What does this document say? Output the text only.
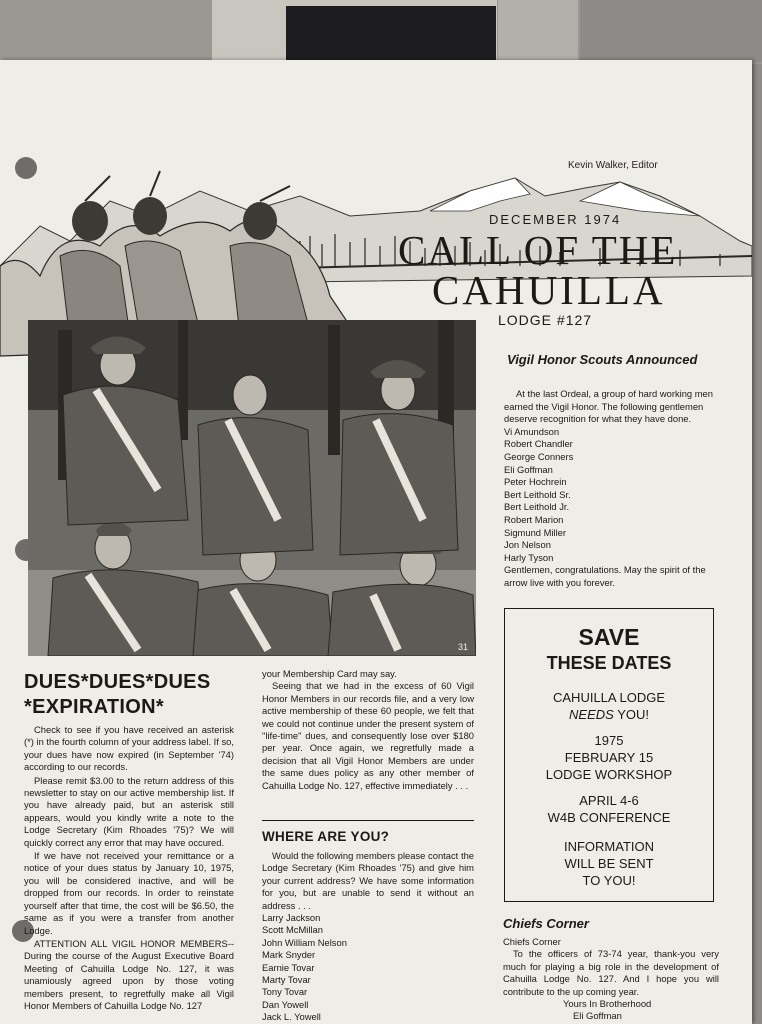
Kevin Walker, Editor
DECEMBER 1974
CALL OF THE
CAHUILLA
LODGE #127
31
Vigil Honor Scouts Announced

At the last Ordeal, a group of hard working men earned the Vigil Honor. The following gentlemen deserve recognition for what they have done.

Vi Amundson

Robert Chandler

George Conners

Eli Goffman

Peter Hochrein

Bert Leithold Sr.

Bert Leithold Jr.

Robert Marion

Sigmund Miller

Jon Nelson

Harly Tyson

Gentlemen, congratulations. May the spirit of the arrow live with you forever.

SAVE
THESE DATES
CAHUILLA LODGE
NEEDS YOU!
1975
FEBRUARY 15
LODGE WORKSHOP
APRIL 4-6
W4B CONFERENCE
INFORMATION
WILL BE SENT
TO YOU!
Chiefs Corner

Chiefs Corner

To the officers of 73-74 year, thank-you very much for playing a big role in the development of Cahuilla Lodge No. 127. And I hope you will contribute to the up coming year.

Yours In Brotherhood

Eli Goffman

DUES*DUES*DUES
*EXPIRATION*

Check to see if you have received an asterisk (*) in the fourth column of your address label. If so, your dues have now expired (in September '74) according to our records.

Please remit $3.00 to the return address of this newsletter to stay on our active membership list. If you have already paid, but an asterisk still appears, would you kindly write a note to the Lodge Secretary (Kim Rhoades '75)? We will quickly correct any error that may have occured.

If we have not received your remittance or a notice of your dues status by January 10, 1975, you will be considered inactive, and will be dropped from our records. In order to reinstate yourself after that time, the cost will be $6.50, the same as if you were a transfer from another Lodge.

ATTENTION ALL VIGIL HONOR MEMBERS-- During the course of the August Executive Board Meeting of Cahuilla Lodge No. 127, it was unamiously agreed upon by those voting members present, to regretfully make all Vigil Honor Members of Cahuilla Lodge No. 127

your Membership Card may say.

Seeing that we had in the excess of 60 Vigil Honor Members in our records file, and a very low active membership of these 60 people, we felt that we could not continue under the present system of "life-time" dues, and consequently lose over $180 per year. Once again, we regretfully made a decision that all Vigil Honor Members are under the same dues policy as any other member of Cahuilla Lodge No. 127, effective immediately . . .

WHERE ARE YOU?

Would the following members please contact the Lodge Secretary (Kim Rhoades '75) and give him your current address? We have some information for you, but are unable to send it without an address . . .

Larry Jackson

Scott McMillan

John William Nelson

Mark Snyder

Earnie Tovar

Marty Tovar

Tony Tovar

Dan Yowell

Jack L. Yowell
